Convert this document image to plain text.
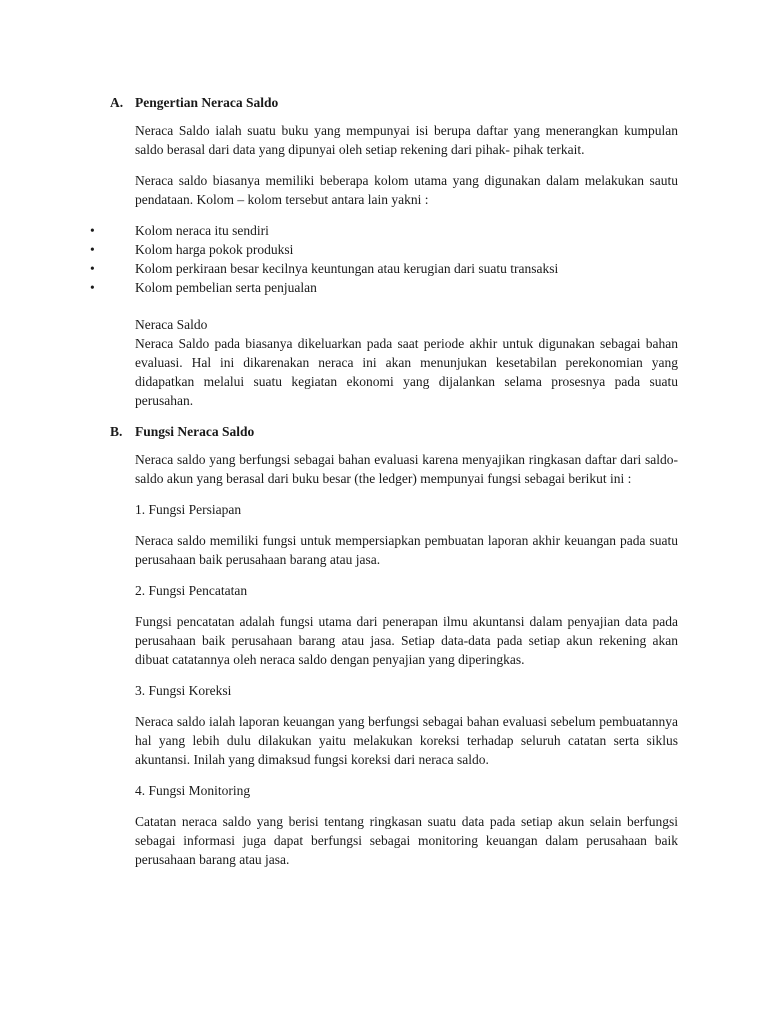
A. Pengertian Neraca Saldo

Neraca Saldo ialah suatu buku yang mempunyai isi berupa daftar yang menerangkan kumpulan saldo berasal dari data yang dipunyai oleh setiap rekening dari pihak- pihak terkait.

Neraca saldo biasanya memiliki beberapa kolom utama yang digunakan dalam melakukan sautu pendataan. Kolom – kolom tersebut antara lain yakni :

•	Kolom neraca itu sendiri
•	Kolom harga pokok produksi
•	Kolom perkiraan besar kecilnya keuntungan atau kerugian dari suatu transaksi
•	Kolom pembelian serta penjualan

Neraca Saldo

Neraca Saldo pada biasanya dikeluarkan pada saat periode akhir untuk digunakan sebagai bahan evaluasi. Hal ini dikarenakan neraca ini akan menunjukan kesetabilan perekonomian yang didapatkan melalui suatu kegiatan ekonomi yang dijalankan selama prosesnya pada suatu perusahan.

B. Fungsi Neraca Saldo

Neraca saldo yang berfungsi sebagai bahan evaluasi karena menyajikan ringkasan daftar dari saldo-saldo akun yang berasal dari buku besar (the ledger) mempunyai fungsi sebagai berikut ini :

1. Fungsi Persiapan

Neraca saldo memiliki fungsi untuk mempersiapkan pembuatan laporan akhir keuangan pada suatu perusahaan baik perusahaan barang atau jasa.

2. Fungsi Pencatatan

Fungsi pencatatan adalah fungsi utama dari penerapan ilmu akuntansi dalam penyajian data pada perusahaan baik perusahaan barang atau jasa. Setiap data-data pada setiap akun rekening akan dibuat catatannya oleh neraca saldo dengan penyajian yang diperingkas.

3. Fungsi Koreksi

Neraca saldo ialah laporan keuangan yang berfungsi sebagai bahan evaluasi sebelum pembuatannya hal yang lebih dulu dilakukan yaitu melakukan koreksi terhadap seluruh catatan serta siklus akuntansi. Inilah yang dimaksud fungsi koreksi dari neraca saldo.

4. Fungsi Monitoring

Catatan neraca saldo yang berisi tentang ringkasan suatu data pada setiap akun selain berfungsi sebagai informasi juga dapat berfungsi sebagai monitoring keuangan dalam perusahaan baik perusahaan barang atau jasa.
